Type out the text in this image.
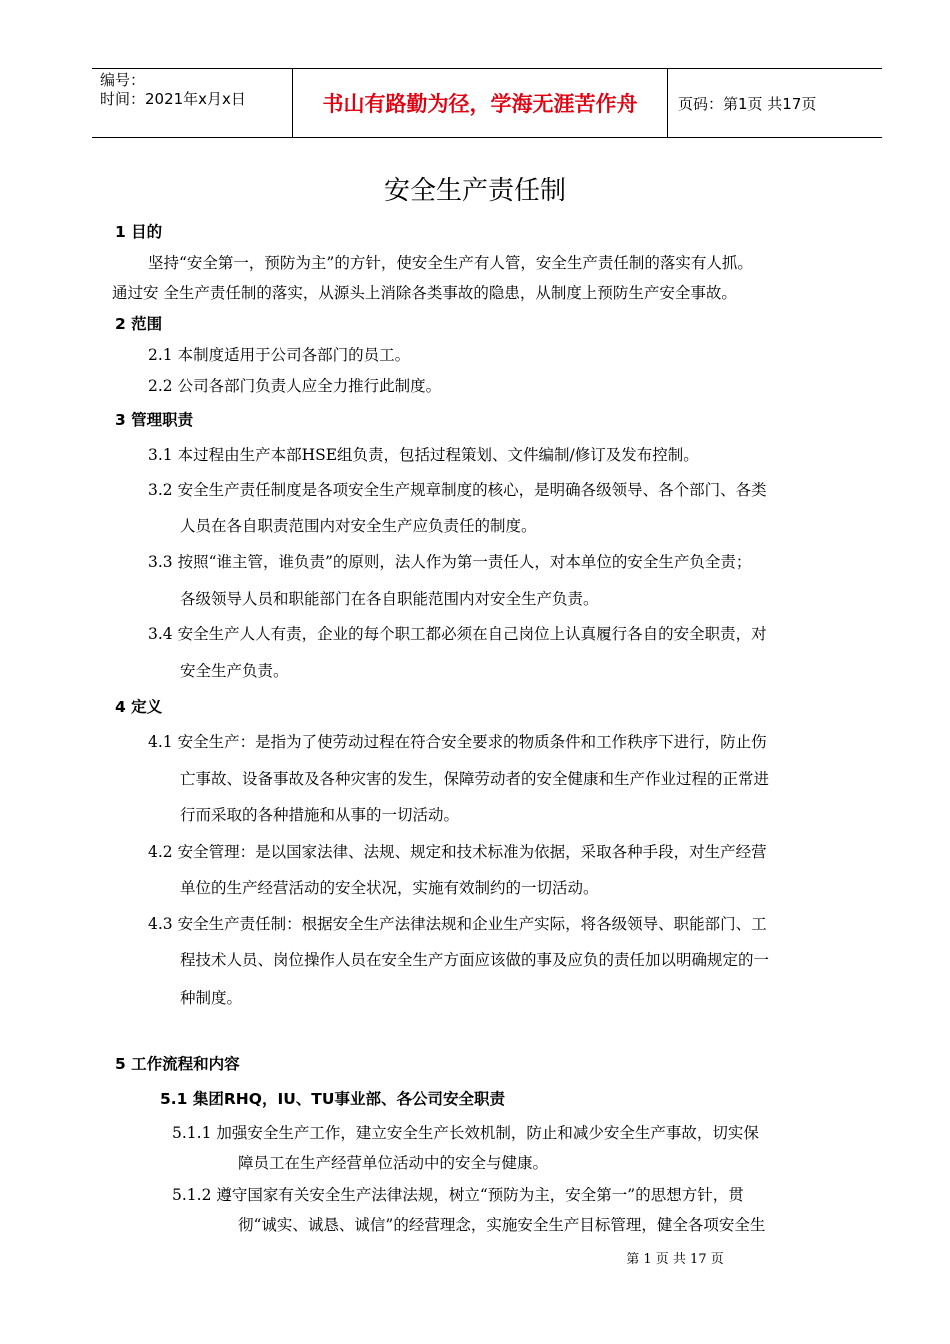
编号：
时间：2021年x月x日	书山有路勤为径，学海无涯苦作舟	页码：第1页 共17页
安全生产责任制
1 目的
坚持“安全第一，预防为主”的方针，使安全生产有人管，安全生产责任制的落实有人抓。
通过安 全生产责任制的落实，从源头上消除各类事故的隐患，从制度上预防生产安全事故。
2 范围
2.1 本制度适用于公司各部门的员工。
2.2 公司各部门负责人应全力推行此制度。
3 管理职责
3.1 本过程由生产本部HSE组负责，包括过程策划、文件编制/修订及发布控制。
3.2 安全生产责任制度是各项安全生产规章制度的核心，是明确各级领导、各个部门、各类
人员在各自职责范围内对安全生产应负责任的制度。
3.3 按照“谁主管，谁负责”的原则，法人作为第一责任人，对本单位的安全生产负全责；
各级领导人员和职能部门在各自职能范围内对安全生产负责。
3.4 安全生产人人有责，企业的每个职工都必须在自己岗位上认真履行各自的安全职责，对
安全生产负责。
4 定义
4.1 安全生产：是指为了使劳动过程在符合安全要求的物质条件和工作秩序下进行，防止伤
亡事故、设备事故及各种灾害的发生，保障劳动者的安全健康和生产作业过程的正常进
行而采取的各种措施和从事的一切活动。
4.2 安全管理：是以国家法律、法规、规定和技术标准为依据，采取各种手段，对生产经营
单位的生产经营活动的安全状况，实施有效制约的一切活动。
4.3 安全生产责任制：根据安全生产法律法规和企业生产实际，将各级领导、职能部门、工
程技术人员、岗位操作人员在安全生产方面应该做的事及应负的责任加以明确规定的一
种制度。
5 工作流程和内容
5.1 集团RHQ，IU、TU事业部、各公司安全职责
5.1.1 加强安全生产工作，建立安全生产长效机制，防止和减少安全生产事故，切实保
障员工在生产经营单位活动中的安全与健康。
5.1.2 遵守国家有关安全生产法律法规，树立“预防为主，安全第一”的思想方针，贯
彻“诚实、诚恳、诚信”的经营理念，实施安全生产目标管理，健全各项安全生
第 1 页 共 17 页
